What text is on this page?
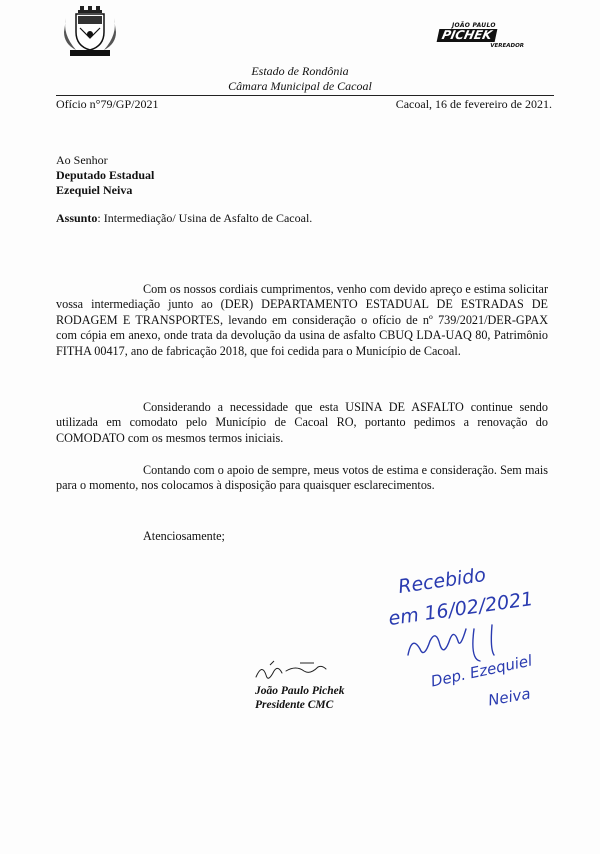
JOÃO PAULO
PICHEK
VEREADOR
Estado de Rondônia
Câmara Municipal de Cacoal
Ofício n°79/GP/2021	Cacoal, 16 de fevereiro de 2021.
Ao Senhor
Deputado Estadual
Ezequiel Neiva
Assunto: Intermediação/ Usina de Asfalto de Cacoal.

Com os nossos cordiais cumprimentos, venho com devido apreço e estima solicitar vossa intermediação junto ao (DER) DEPARTAMENTO ESTADUAL DE ESTRADAS DE RODAGEM E TRANSPORTES, levando em consideração o ofício de nº 739/2021/DER-GPAX com cópia em anexo, onde trata da devolução da usina de asfalto CBUQ LDA-UAQ 80, Patrimônio FITHA 00417, ano de fabricação 2018, que foi cedida para o Município de Cacoal.

Considerando a necessidade que esta USINA DE ASFALTO continue sendo utilizada em comodato pelo Município de Cacoal RO, portanto pedimos a renovação do COMODATO com os mesmos termos iniciais.

Contando com o apoio de sempre, meus votos de estima e consideração. Sem mais para o momento, nos colocamos à disposição para quaisquer esclarecimentos.

Atenciosamente;
João Paulo Pichek
Presidente CMC
Recebido
em 16/02/2021
Dep. Ezequiel
Neiva
